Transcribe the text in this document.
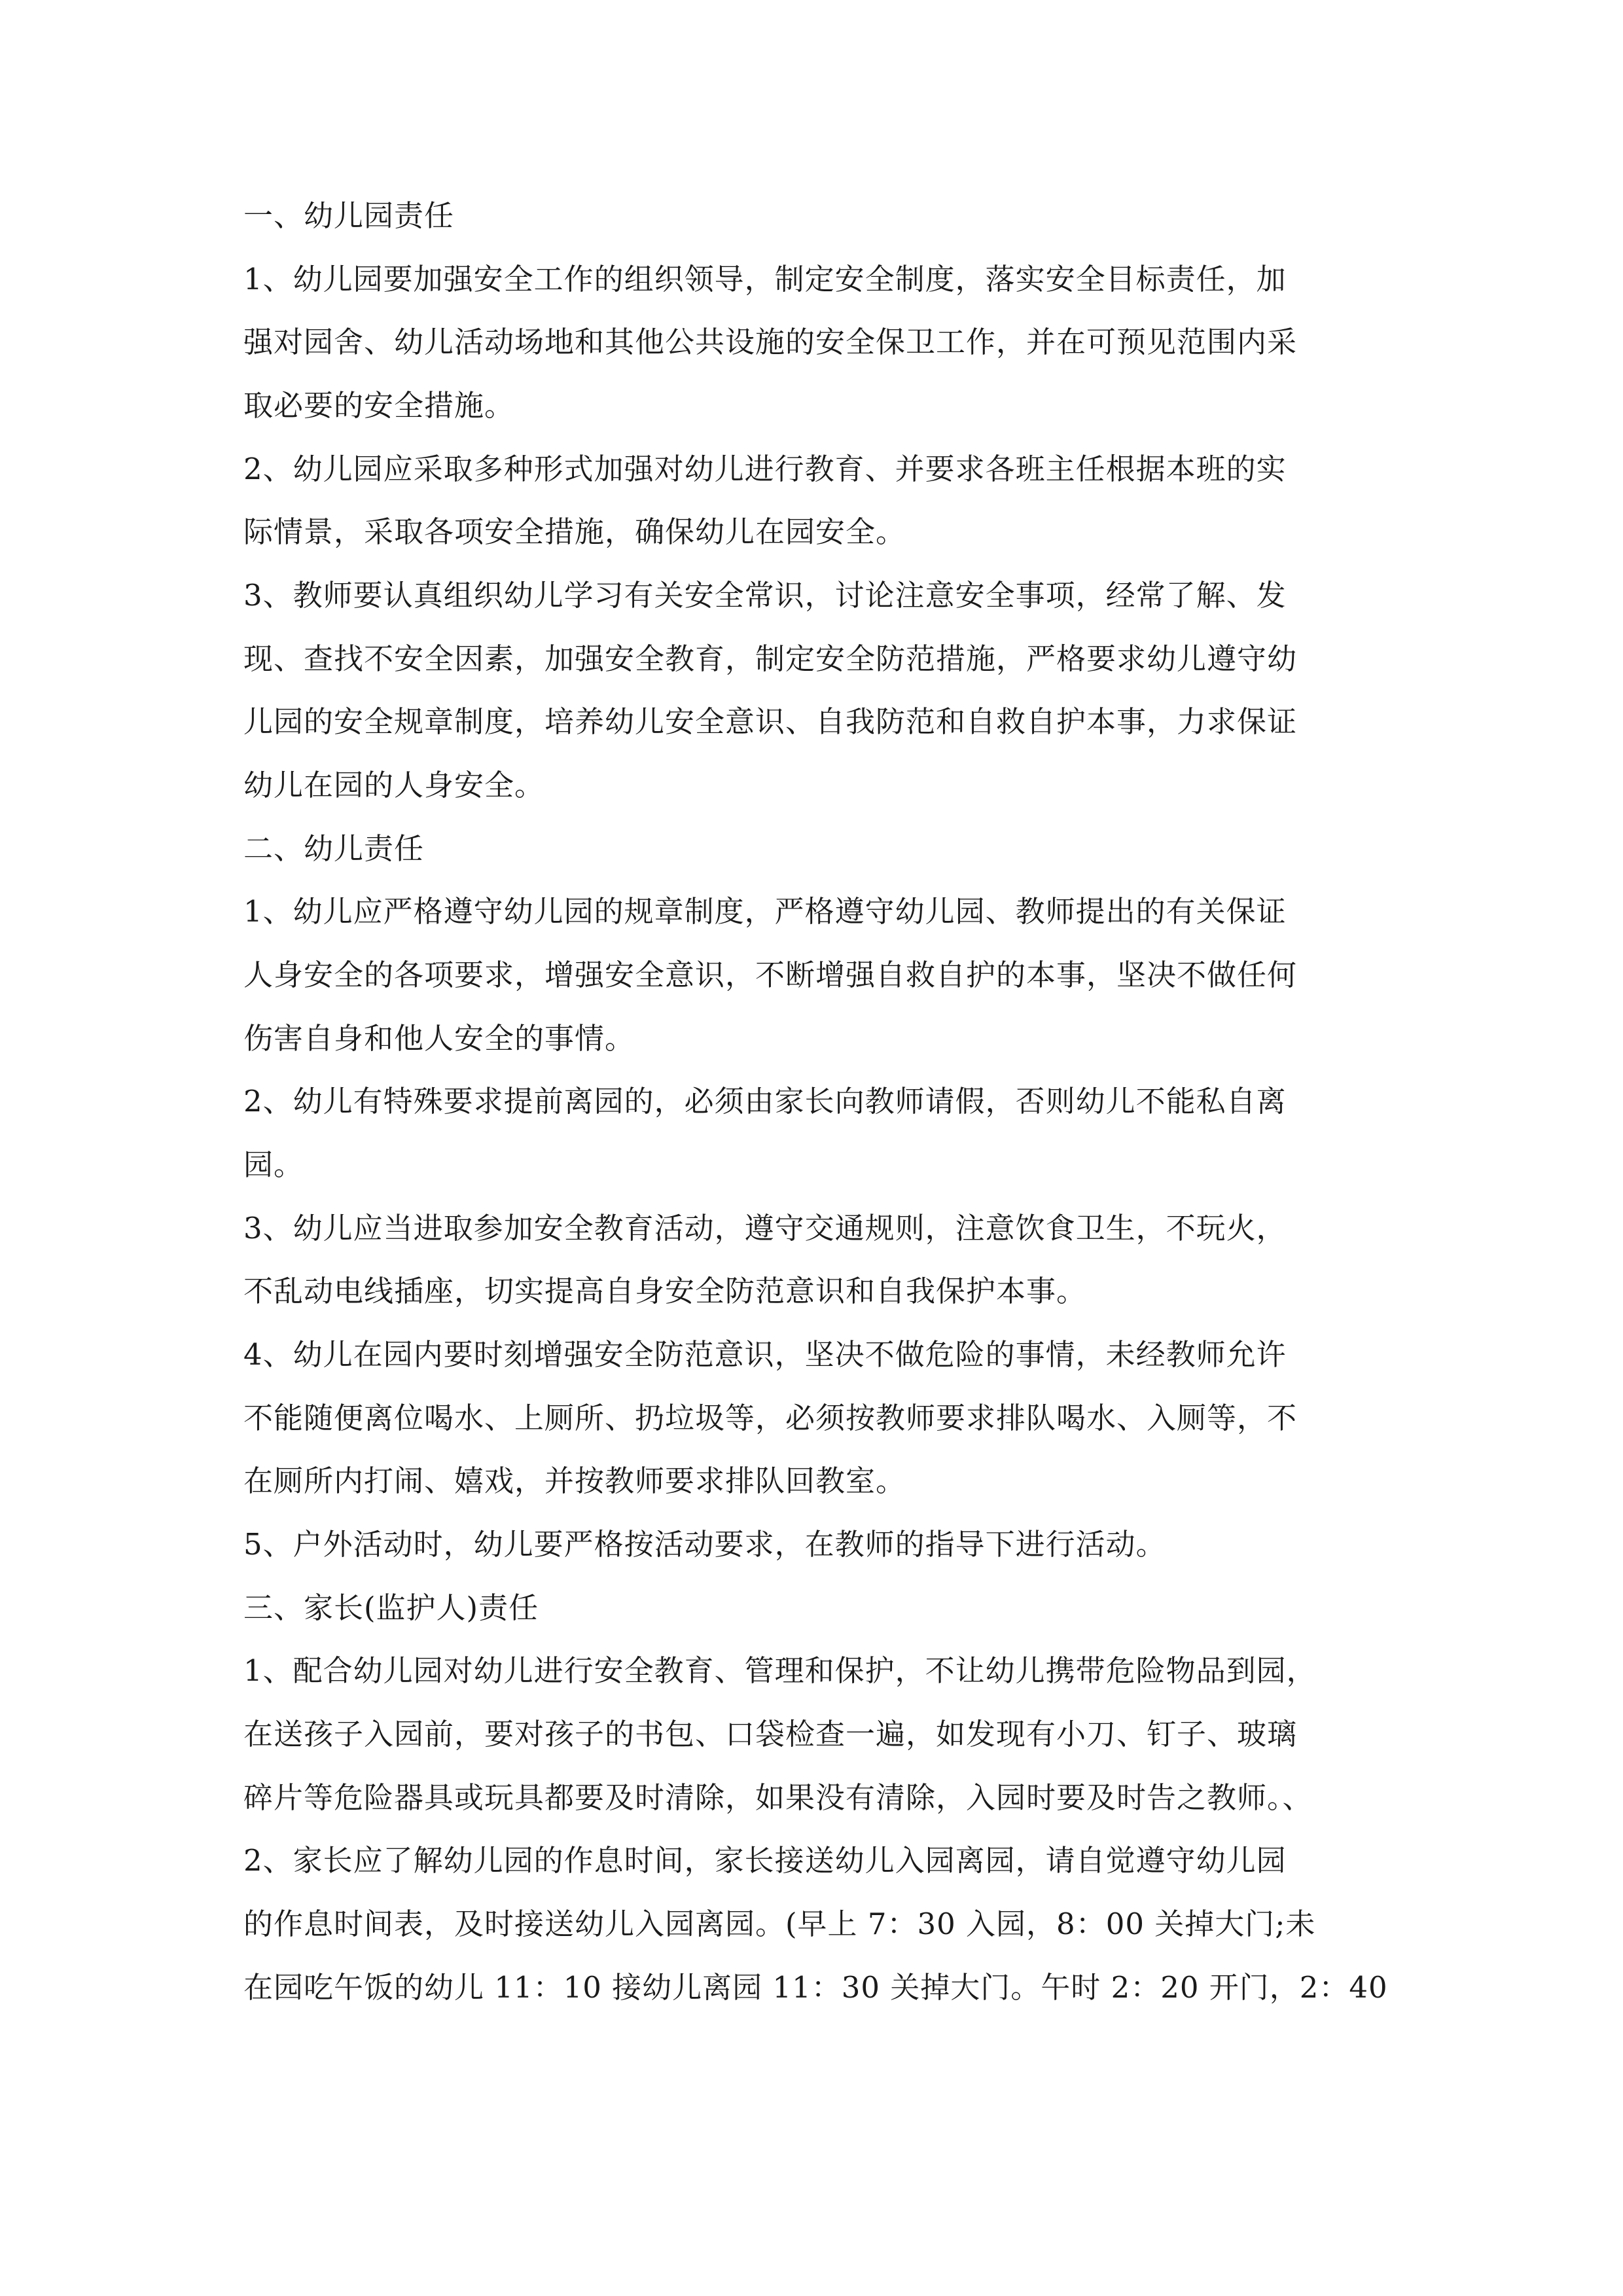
一、幼儿园责任
1、幼儿园要加强安全工作的组织领导，制定安全制度，落实安全目标责任，加
强对园舍、幼儿活动场地和其他公共设施的安全保卫工作，并在可预见范围内采
取必要的安全措施。
2、幼儿园应采取多种形式加强对幼儿进行教育、并要求各班主任根据本班的实
际情景，采取各项安全措施，确保幼儿在园安全。
3、教师要认真组织幼儿学习有关安全常识，讨论注意安全事项，经常了解、发
现、查找不安全因素，加强安全教育，制定安全防范措施，严格要求幼儿遵守幼
儿园的安全规章制度，培养幼儿安全意识、自我防范和自救自护本事，力求保证
幼儿在园的人身安全。
二、幼儿责任
1、幼儿应严格遵守幼儿园的规章制度，严格遵守幼儿园、教师提出的有关保证
人身安全的各项要求，增强安全意识，不断增强自救自护的本事，坚决不做任何
伤害自身和他人安全的事情。
2、幼儿有特殊要求提前离园的，必须由家长向教师请假，否则幼儿不能私自离
园。
3、幼儿应当进取参加安全教育活动，遵守交通规则，注意饮食卫生，不玩火，
不乱动电线插座，切实提高自身安全防范意识和自我保护本事。
4、幼儿在园内要时刻增强安全防范意识，坚决不做危险的事情，未经教师允许
不能随便离位喝水、上厕所、扔垃圾等，必须按教师要求排队喝水、入厕等，不
在厕所内打闹、嬉戏，并按教师要求排队回教室。
5、户外活动时，幼儿要严格按活动要求，在教师的指导下进行活动。
三、家长(监护人)责任
1、配合幼儿园对幼儿进行安全教育、管理和保护，不让幼儿携带危险物品到园，
在送孩子入园前，要对孩子的书包、口袋检查一遍，如发现有小刀、钉子、玻璃
碎片等危险器具或玩具都要及时清除，如果没有清除，入园时要及时告之教师。、
2、家长应了解幼儿园的作息时间，家长接送幼儿入园离园，请自觉遵守幼儿园
的作息时间表，及时接送幼儿入园离园。(早上 7：30 入园，8：00 关掉大门;未
在园吃午饭的幼儿 11：10 接幼儿离园 11：30 关掉大门。午时 2：20 开门，2：40
